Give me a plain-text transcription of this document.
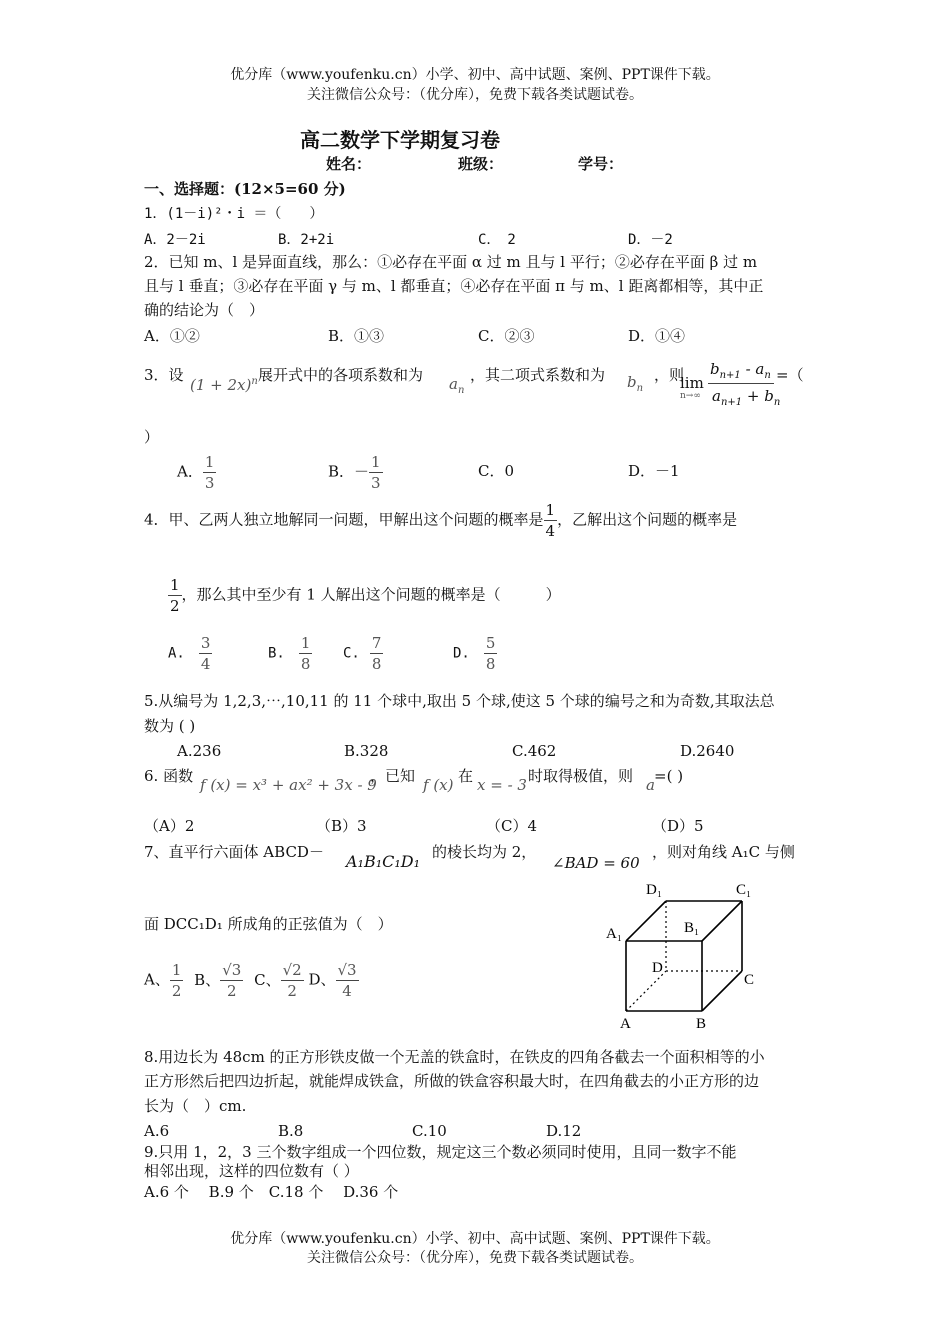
优分库（www.youfenku.cn）小学、初中、高中试题、案例、PPT课件下载。
关注微信公众号：（优分库），免费下载各类试题试卷。
高二数学下学期复习卷
姓名：	班级：	学号：
一、选择题：(12×5=60 分)
1．(1－i)²・i ＝（　　）
A．2－2i	B．2+2i	C．　2	D．－2
2．已知 m、l 是异面直线，那么：①必存在平面 α 过 m 且与 l 平行；②必存在平面 β 过 m
且与 l 垂直；③必存在平面 γ 与 m、l 都垂直；④必存在平面 π 与 m、l 距离都相等，其中正
确的结论为（　）
A．①②	B．①③	C．②③	D．①④
3．设
$(1 + 2x)^n$ 展开式中的各项系数和为 $a_n$
，其二项式系数和为 $b_n$
，则
lim
n→∞
$b_{n+1} - a_n$
$a_{n+1} + b_n$
=（
）
A． $\frac{1}{3}$	B．－ $\frac{1}{3}$	C．0	D．－1
4．甲、乙两人独立地解同一问题，甲解出这个问题的概率是 $\frac{1}{4}$ ，乙解出这个问题的概率是
$\frac{1}{2}$ ，那么其中至少有 1 人解出这个问题的概率是（　　　）
A. $\frac{3}{4}$	B. $\frac{1}{8} C$. $\frac{7}{8}$	D. $\frac{5}{8}$
5.从编号为 1,2,3,⋯,10,11 的 11 个球中,取出 5 个球,使这 5 个球的编号之和为奇数,其取法总
数为 ( )
A.236	B.328	C.462	D.2640
6. 函数 f (x) = x³ + ax² + 3x - 9
，已知 f (x) 在 x = - 3 时取得极值，则 a =( )
（A）2	（B）3	（C）4	（D）5
7、直平行六面体 ABCD－ A₁B₁C₁D₁ 的棱长均为 2，
∠BAD = 60
，则对角线 A₁C 与侧
面 DCC₁D₁ 所成角的正弦值为（　）
A、 $\frac{1}{2}$ B、 $\frac{√3}{2}$ C、 $\frac{√2}{2}$ D、 $\frac{√3}{4}$
D₁	C₁
A₁	B₁
D
C
A	B
8.用边长为 48cm 的正方形铁皮做一个无盖的铁盒时，在铁皮的四角各截去一个面积相等的小
正方形然后把四边折起，就能焊成铁盒，所做的铁盒容积最大时，在四角截去的小正方形的边
长为（　）cm.
A.6	B.8	C.10	D.12
9.只用 1，2，3 三个数字组成一个四位数，规定这三个数必须同时使用，且同一数字不能
相邻出现，这样的四位数有（ ）
A.6 个　 B.9 个　C.18 个　 D.36 个
优分库（www.youfenku.cn）小学、初中、高中试题、案例、PPT课件下载。
关注微信公众号：（优分库），免费下载各类试题试卷。
